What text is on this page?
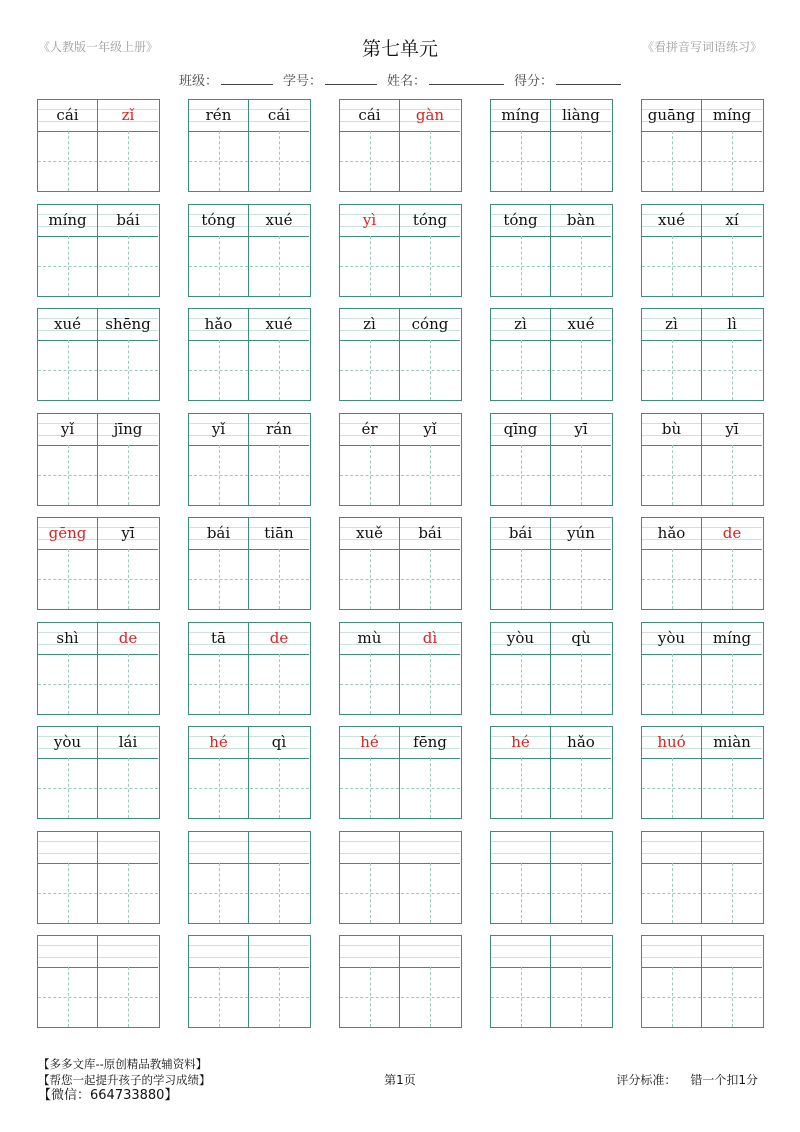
《人教版一年级上册》	第七单元	《看拼音写词语练习》
班级：	学号：	姓名：	得分：
cái	zǐ	rén	cái	cái	gàn	míng	liàng	guāng	míng
míng	bái	tóng	xué	yì	tóng	tóng	bàn	xué	xí
xué	shēng	hǎo	xué	zì	cóng	zì	xué	zì	lì
yǐ	jīng	yǐ	rán	ér	yǐ	qīng	yī	bù	yī
gēng	yī	bái	tiān	xuě	bái	bái	yún	hǎo	de
shì	de	tā	de	mù	dì	yòu	qù	yòu	míng
yòu	lái	hé	qì	hé	fēng	hé	hǎo	huó	miàn
【多多文库--原创精品教辅资料】
【帮您一起提升孩子的学习成绩】
【微信：664733880】
第1页	评分标准： 错一个扣1分
